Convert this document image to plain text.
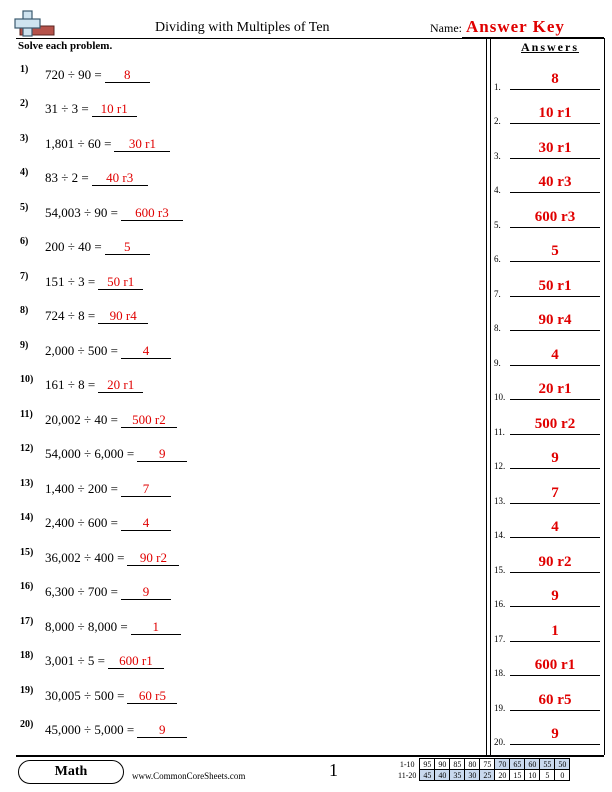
Dividing with Multiples of Ten	Name: Answer Key
Solve each problem.
1) 720 ÷ 90 = 8
2) 31 ÷ 3 = 10 r1
3) 1,801 ÷ 60 = 30 r1
4) 83 ÷ 2 = 40 r3
5) 54,003 ÷ 90 = 600 r3
6) 200 ÷ 40 = 5
7) 151 ÷ 3 = 50 r1
8) 724 ÷ 8 = 90 r4
9) 2,000 ÷ 500 = 4
10) 161 ÷ 8 = 20 r1
11) 20,002 ÷ 40 = 500 r2
12) 54,000 ÷ 6,000 = 9
13) 1,400 ÷ 200 = 7
14) 2,400 ÷ 600 = 4
15) 36,002 ÷ 400 = 90 r2
16) 6,300 ÷ 700 = 9
17) 8,000 ÷ 8,000 = 1
18) 3,001 ÷ 5 = 600 r1
19) 30,005 ÷ 500 = 60 r5
20) 45,000 ÷ 5,000 = 9
Answers
1.	8
2.	10 r1
3.	30 r1
4.	40 r3
5.	600 r3
6.	5
7.	50 r1
8.	90 r4
9.	4
10.	20 r1
11.	500 r2
12.	9
13.	7
14.	4
15.	90 r2
16.	9
17.	1
18.	600 r1
19.	60 r5
20.	9
Math	www.CommonCoreSheets.com	1	1-10	95	90	85	80	75	70	65	60	55	50
11-20	45	40	35	30	25	20	15	10	5	0
